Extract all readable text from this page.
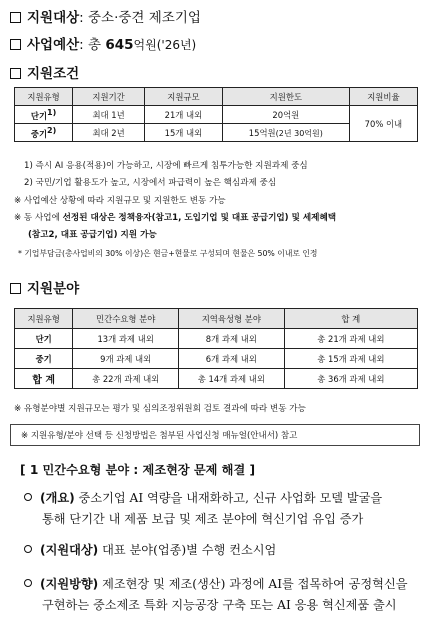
지원대상: 중소·중견 제조기업
사업예산: 총 645억원('26년)
지원조건
지원유형	지원기간	지원규모	지원한도	지원비율
단기$^{1)}$	최대 1년	21개 내외	20억원	70% 이내
중기$^{2)}$	최대 2년	15개 내외	15억원(2년 30억원)	
1) 즉시 AI 응용(적용)이 가능하고, 시장에 빠르게 침투가능한 지원과제 중심
2) 국민/기업 활용도가 높고, 시장에서 파급력이 높은 핵심과제 중심
※ 사업예산 상황에 따라 지원규모 및 지원한도 변동 가능
※ 동 사업에 선정된 대상은 정책융자(참고1, 도입기업 및 대표 공급기업) 및 세제혜택
(참고2, 대표 공급기업) 지원 가능
* 기업부담금(총사업비의 30% 이상)은 현금+현물로 구성되며 현물은 50% 이내로 인정
지원분야
지원유형	민간수요형 분야	지역육성형 분야	합 계
단기	13개 과제 내외	8개 과제 내외	총 21개 과제 내외
중기	9개 과제 내외	6개 과제 내외	총 15개 과제 내외
합 계	총 22개 과제 내외	총 14개 과제 내외	총 36개 과제 내외
※ 유형분야별 지원규모는 평가 및 심의조정위원회 검토 결과에 따라 변동 가능
※ 지원유형/분야 선택 등 신청방법은 첨부된 사업신청 매뉴얼(안내서) 참고
[ 1 민간수요형 분야 : 제조현장 문제 해결 ]
(개요) 중소기업 AI 역량을 내재화하고, 신규 사업화 모델 발굴을
통해 단기간 내 제품 보급 및 제조 분야에 혁신기업 유입 증가
(지원대상) 대표 분야(업종)별 수행 컨소시엄
(지원방향) 제조현장 및 제조(생산) 과정에 AI를 접목하여 공정혁신을
구현하는 중소제조 특화 지능공장 구축 또는 AI 응용 혁신제품 출시
